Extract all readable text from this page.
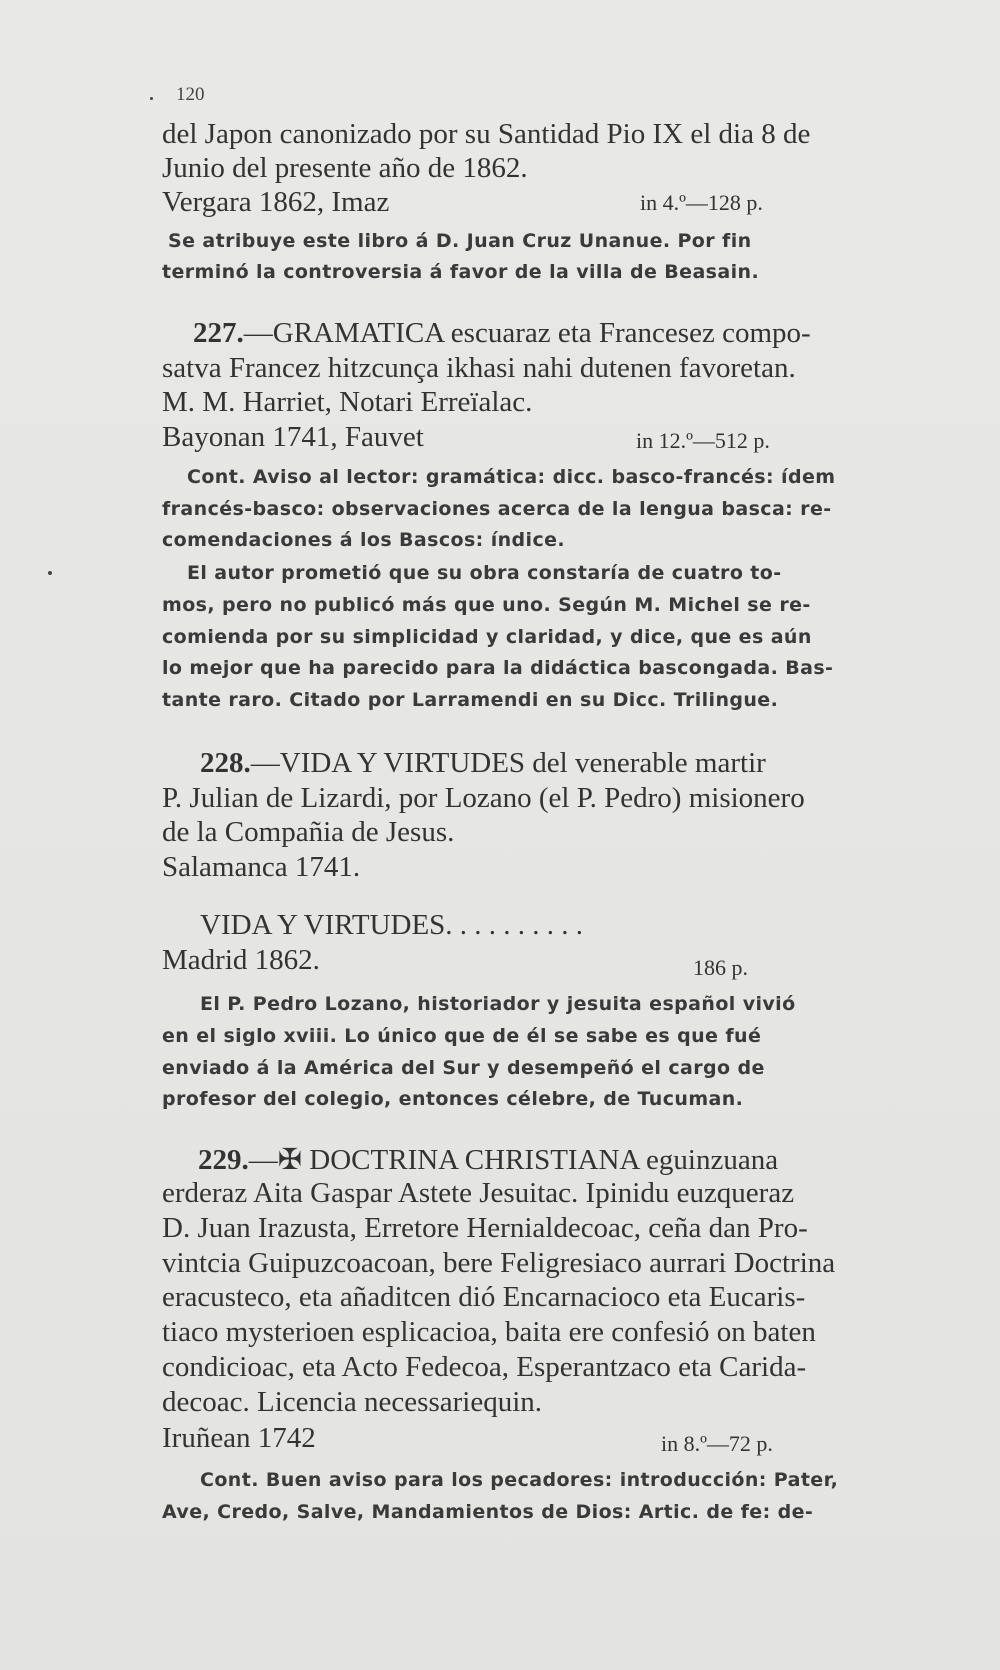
120
del Japon canonizado por su Santidad Pio IX el dia 8 de
Junio del presente año de 1862.
Vergara 1862, Imaz	in 4.º—128 p.
Se atribuye este libro á D. Juan Cruz Unanue. Por fin
terminó la controversia á favor de la villa de Beasain.
227.—GRAMATICA escuaraz eta Francesez compo-
satva Francez hitzcunça ikhasi nahi dutenen favoretan.
M. M. Harriet, Notari Erreïalac.
Bayonan 1741, Fauvet	in 12.º—512 p.
Cont. Aviso al lector: gramática: dicc. basco-francés: ídem
francés-basco: observaciones acerca de la lengua basca: re-
comendaciones á los Bascos: índice.
El autor prometió que su obra constaría de cuatro to-
mos, pero no publicó más que uno. Según M. Michel se re-
comienda por su simplicidad y claridad, y dice, que es aún
lo mejor que ha parecido para la didáctica bascongada. Bas-
tante raro. Citado por Larramendi en su Dicc. Trilingue.
228.—VIDA Y VIRTUDES del venerable martir
P. Julian de Lizardi, por Lozano (el P. Pedro) misionero
de la Compañia de Jesus.
Salamanca 1741.
VIDA Y VIRTUDES. . . . . . . . . .
Madrid 1862.	186 p.
El P. Pedro Lozano, historiador y jesuita español vivió
en el siglo xviii. Lo único que de él se sabe es que fué
enviado á la América del Sur y desempeñó el cargo de
profesor del colegio, entonces célebre, de Tucuman.
229.—✠ DOCTRINA CHRISTIANA eguinzuana
erderaz Aita Gaspar Astete Jesuitac. Ipinidu euzqueraz
D. Juan Irazusta, Erretore Hernialdecoac, ceña dan Pro-
vintcia Guipuzcoacoan, bere Feligresiaco aurrari Doctrina
eracusteco, eta añaditcen dió Encarnacioco eta Eucaris-
tiaco mysterioen esplicacioa, baita ere confesió on baten
condicioac, eta Acto Fedecoa, Esperantzaco eta Carida-
decoac. Licencia necessariequin.
Iruñean 1742	in 8.º—72 p.
Cont. Buen aviso para los pecadores: introducción: Pater,
Ave, Credo, Salve, Mandamientos de Dios: Artic. de fe: de-
